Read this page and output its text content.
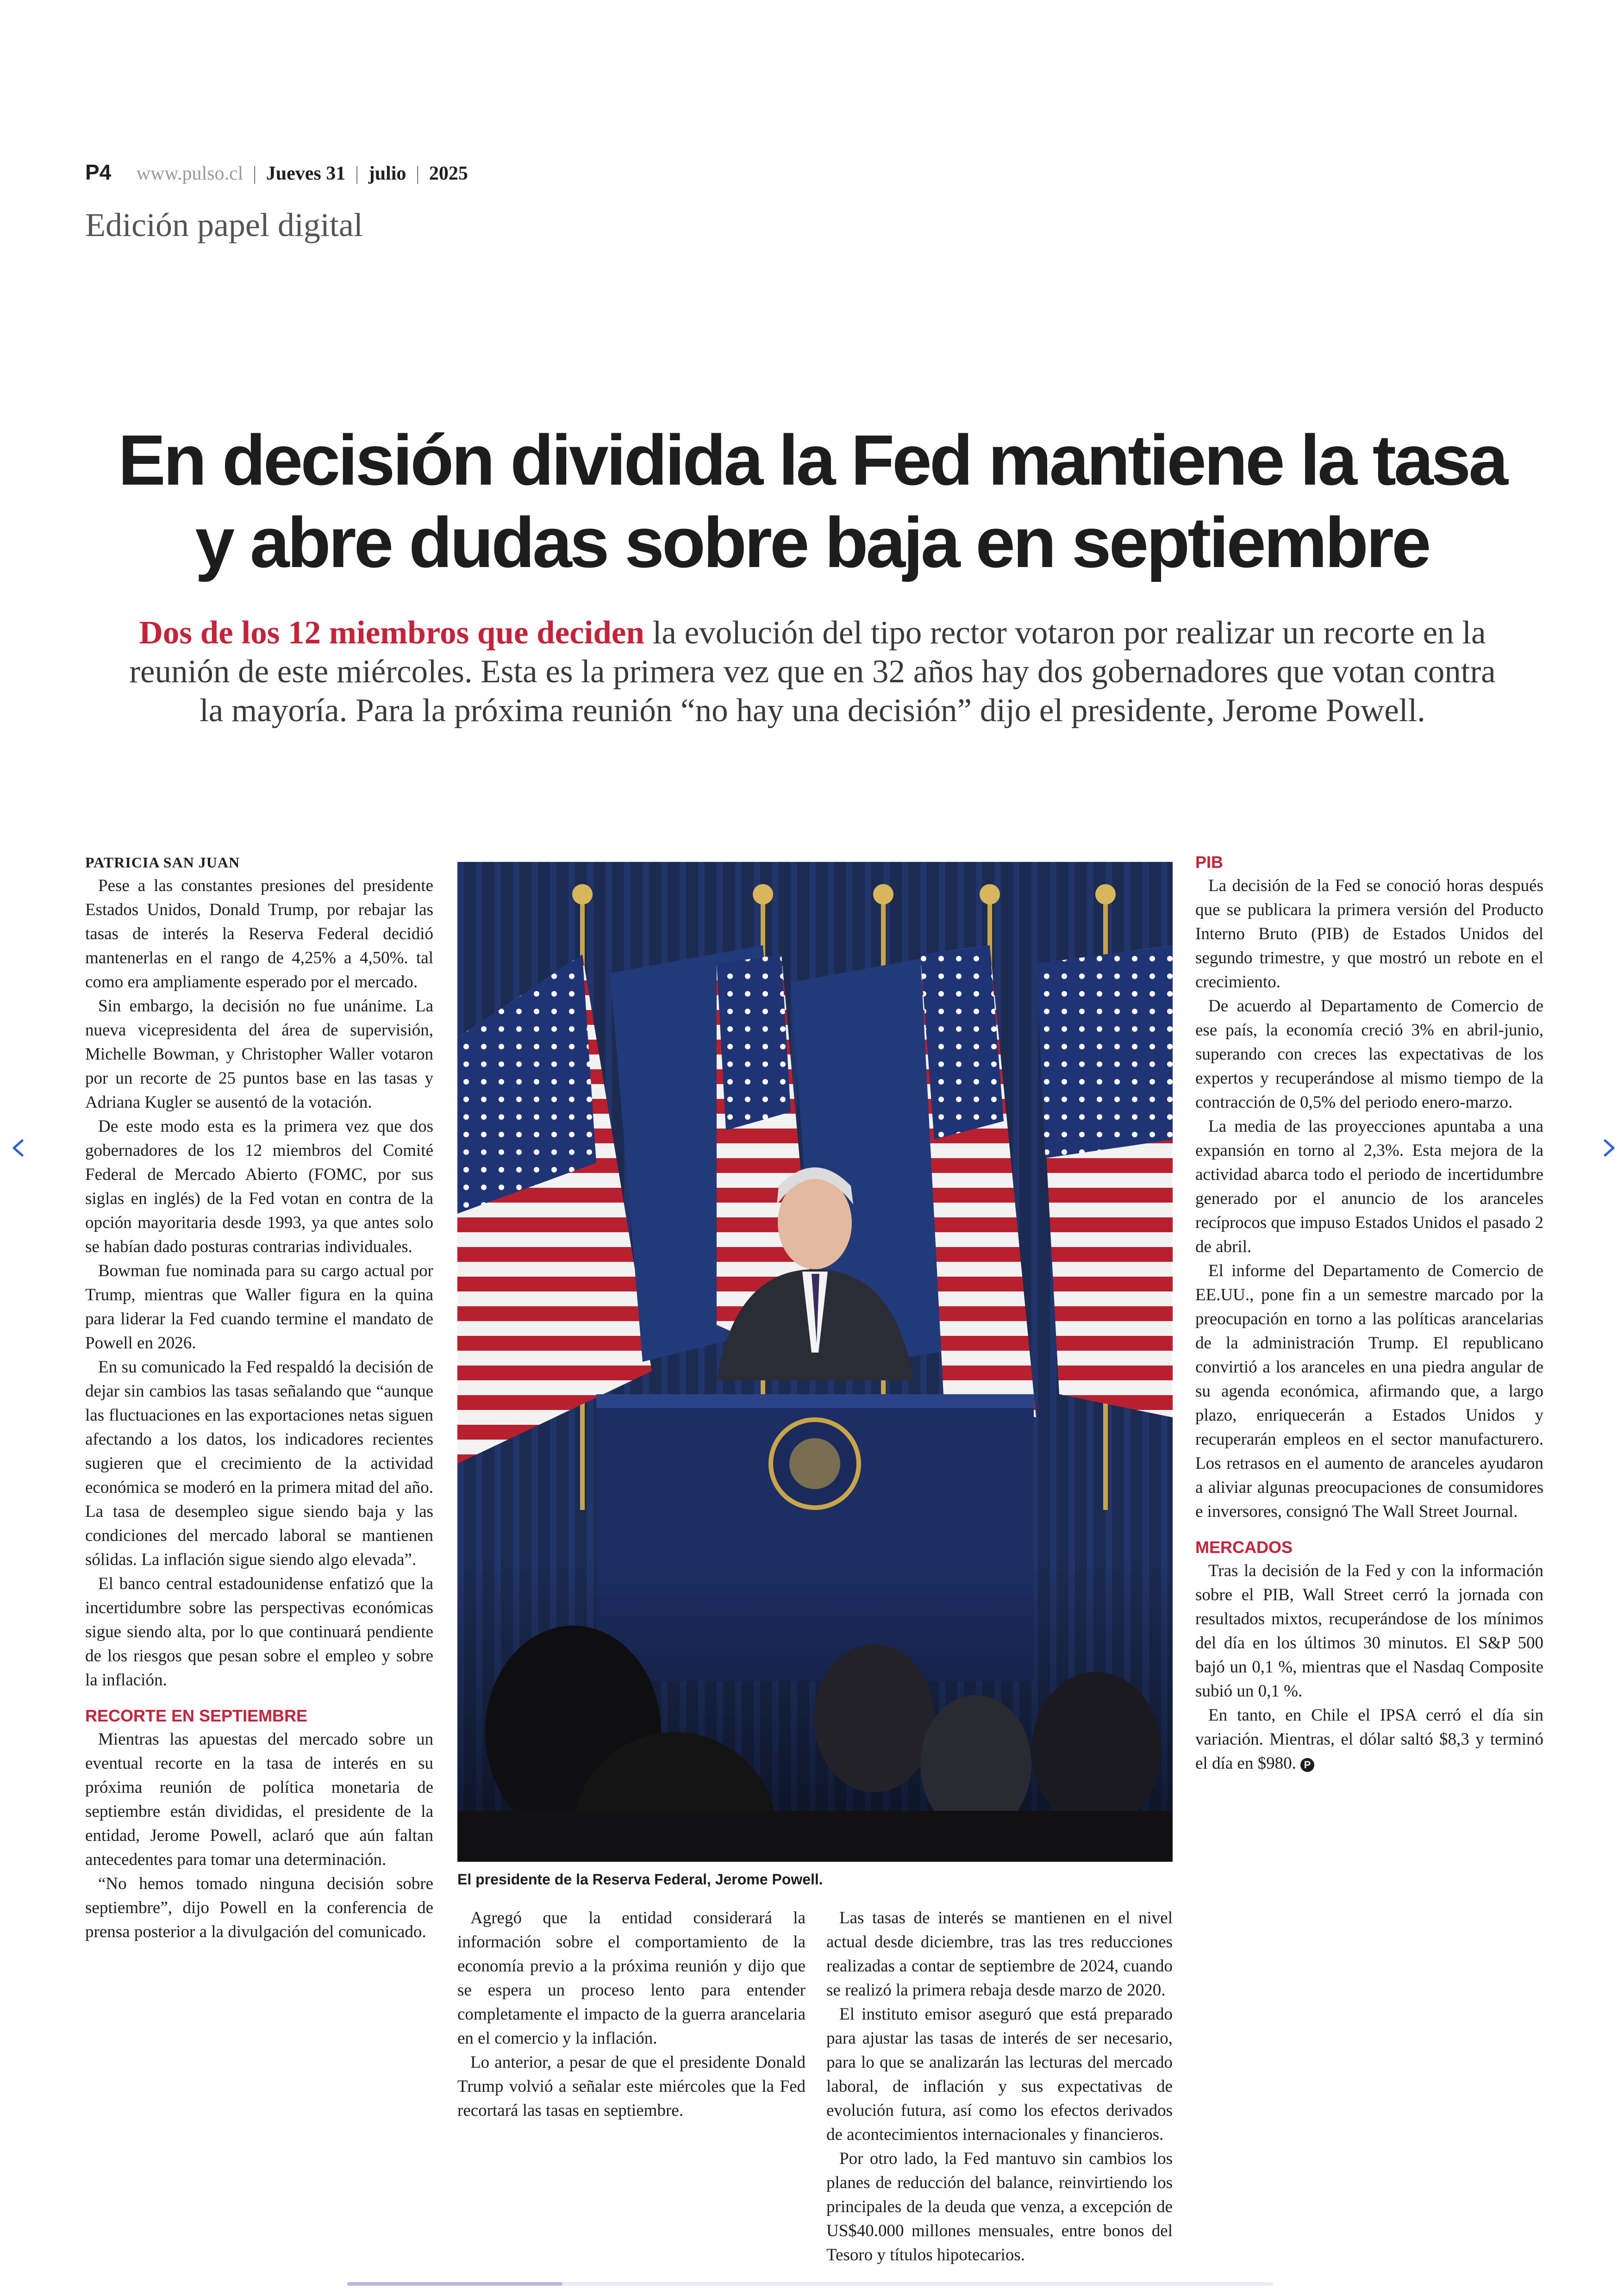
P4 www.pulso.cl | Jueves 31 | julio | 2025
Edición papel digital
En decisión dividida la Fed mantiene la tasa
y abre dudas sobre baja en septiembre
Dos de los 12 miembros que deciden la evolución del tipo rector votaron por realizar un recorte en la reunión de este miércoles. Esta es la primera vez que en 32 años hay dos gobernadores que votan contra la mayoría. Para la próxima reunión “no hay una decisión” dijo el presidente, Jerome Powell.

PATRICIA SAN JUAN

Pese a las constantes presiones del presidente Estados Unidos, Donald Trump, por rebajar las tasas de interés la Reserva Federal decidió mantenerlas en el rango de 4,25% a 4,50%. tal como era ampliamente esperado por el mercado.

Sin embargo, la decisión no fue unánime. La nueva vicepresidenta del área de supervisión, Michelle Bowman, y Christopher Waller votaron por un recorte de 25 puntos base en las tasas y Adriana Kugler se ausentó de la votación.

De este modo esta es la primera vez que dos gobernadores de los 12 miembros del Comité Federal de Mercado Abierto (FOMC, por sus siglas en inglés) de la Fed votan en contra de la opción mayoritaria desde 1993, ya que antes solo se habían dado posturas contrarias individuales.

Bowman fue nominada para su cargo actual por Trump, mientras que Waller figura en la quina para liderar la Fed cuando termine el mandato de Powell en 2026.

En su comunicado la Fed respaldó la decisión de dejar sin cambios las tasas señalando que “aunque las fluctuaciones en las exportaciones netas siguen afectando a los datos, los indicadores recientes sugieren que el crecimiento de la actividad económica se moderó en la primera mitad del año. La tasa de desempleo sigue siendo baja y las condiciones del mercado laboral se mantienen sólidas. La inflación sigue siendo algo elevada”.

El banco central estadounidense enfatizó que la incertidumbre sobre las perspectivas económicas sigue siendo alta, por lo que continuará pendiente de los riesgos que pesan sobre el empleo y sobre la inflación.

RECORTE EN SEPTIEMBRE

Mientras las apuestas del mercado sobre un eventual recorte en la tasa de interés en su próxima reunión de política monetaria de septiembre están divididas, el presidente de la entidad, Jerome Powell, aclaró que aún faltan antecedentes para tomar una determinación.

“No hemos tomado ninguna decisión sobre septiembre”, dijo Powell en la conferencia de prensa posterior a la divulgación del comunicado.

El presidente de la Reserva Federal, Jerome Powell.

Agregó que la entidad considerará la información sobre el comportamiento de la economía previo a la próxima reunión y dijo que se espera un proceso lento para entender completamente el impacto de la guerra arancelaria en el comercio y la inflación.

Lo anterior, a pesar de que el presidente Donald Trump volvió a señalar este miércoles que la Fed recortará las tasas en septiembre.

Las tasas de interés se mantienen en el nivel actual desde diciembre, tras las tres reducciones realizadas a contar de septiembre de 2024, cuando se realizó la primera rebaja desde marzo de 2020.

El instituto emisor aseguró que está preparado para ajustar las tasas de interés de ser necesario, para lo que se analizarán las lecturas del mercado laboral, de inflación y sus expectativas de evolución futura, así como los efectos derivados de acontecimientos internacionales y financieros.

Por otro lado, la Fed mantuvo sin cambios los planes de reducción del balance, reinvirtiendo los principales de la deuda que venza, a excepción de US$40.000 millones mensuales, entre bonos del Tesoro y títulos hipotecarios.

PIB

La decisión de la Fed se conoció horas después que se publicara la primera versión del Producto Interno Bruto (PIB) de Estados Unidos del segundo trimestre, y que mostró un rebote en el crecimiento.

De acuerdo al Departamento de Comercio de ese país, la economía creció 3% en abril-junio, superando con creces las expectativas de los expertos y recuperándose al mismo tiempo de la contracción de 0,5% del periodo enero-marzo.

La media de las proyecciones apuntaba a una expansión en torno al 2,3%. Esta mejora de la actividad abarca todo el periodo de incertidumbre generado por el anuncio de los aranceles recíprocos que impuso Estados Unidos el pasado 2 de abril.

El informe del Departamento de Comercio de EE.UU., pone fin a un semestre marcado por la preocupación en torno a las políticas arancelarias de la administración Trump. El republicano convirtió a los aranceles en una piedra angular de su agenda económica, afirmando que, a largo plazo, enriquecerán a Estados Unidos y recuperarán empleos en el sector manufacturero. Los retrasos en el aumento de aranceles ayudaron a aliviar algunas preocupaciones de consumidores e inversores, consignó The Wall Street Journal.

MERCADOS

Tras la decisión de la Fed y con la información sobre el PIB, Wall Street cerró la jornada con resultados mixtos, recuperándose de los mínimos del día en los últimos 30 minutos. El S&P 500 bajó un 0,1 %, mientras que el Nasdaq Composite subió un 0,1 %.

En tanto, en Chile el IPSA cerró el día sin variación. Mientras, el dólar saltó $8,3 y terminó el día en $980. P
